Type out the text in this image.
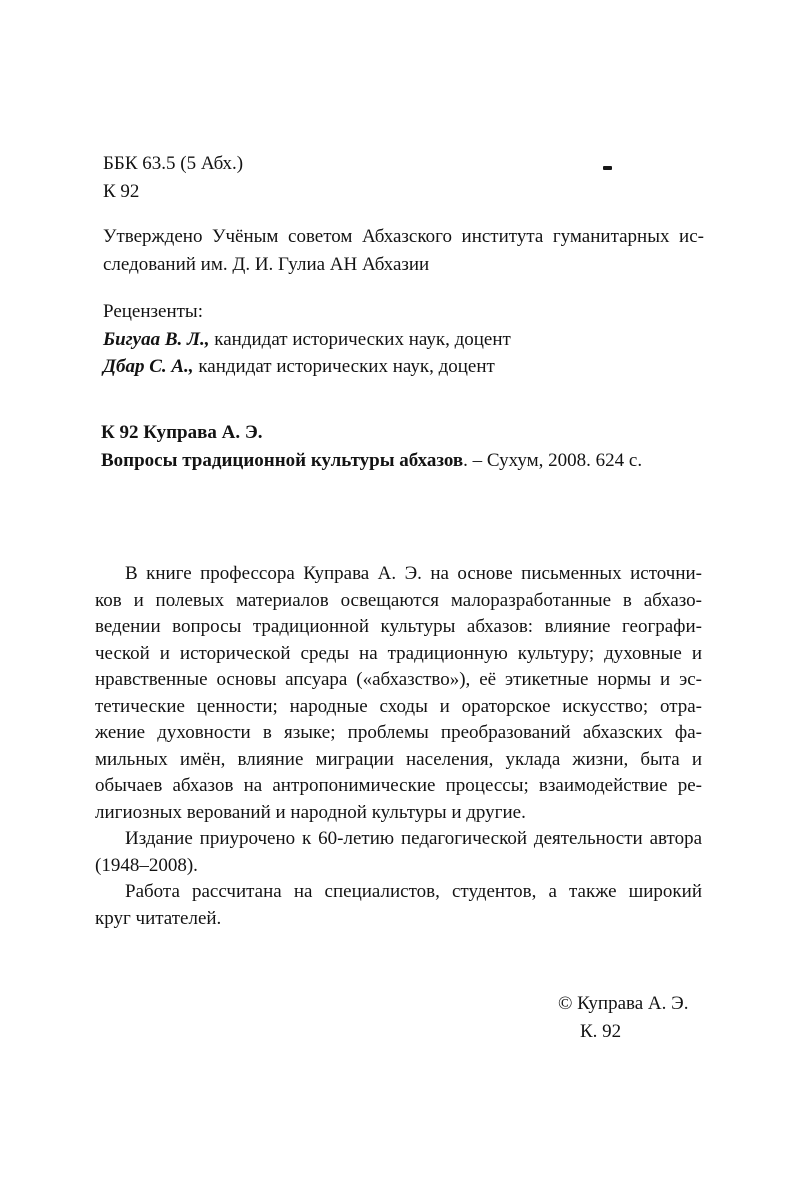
ББК 63.5 (5 Абх.)
К 92
Утверждено Учёным советом Абхазского института гуманитарных ис-
следований им. Д. И. Гулиа АН Абхазии
Рецензенты:
Бигуаа В. Л., кандидат исторических наук, доцент
Дбар С. А., кандидат исторических наук, доцент
К 92 Куправа А. Э.
Вопросы традиционной культуры абхазов. – Сухум, 2008. 624 с.
В книге профессора Куправа А. Э. на основе письменных источни-
ков и полевых материалов освещаются малоразработанные в абхазо-
ведении вопросы традиционной культуры абхазов: влияние географи-
ческой и исторической среды на традиционную культуру; духовные и
нравственные основы апсуара («абхазство»), её этикетные нормы и эс-
тетические ценности; народные сходы и ораторское искусство; отра-
жение духовности в языке; проблемы преобразований абхазских фа-
мильных имён, влияние миграции населения, уклада жизни, быта и
обычаев абхазов на антропонимические процессы; взаимодействие ре-
лигиозных верований и народной культуры и другие.
Издание приурочено к 60-летию педагогической деятельности автора
(1948–2008).
Работа рассчитана на специалистов, студентов, а также широкий
круг читателей.
© Куправа А. Э.
К. 92
